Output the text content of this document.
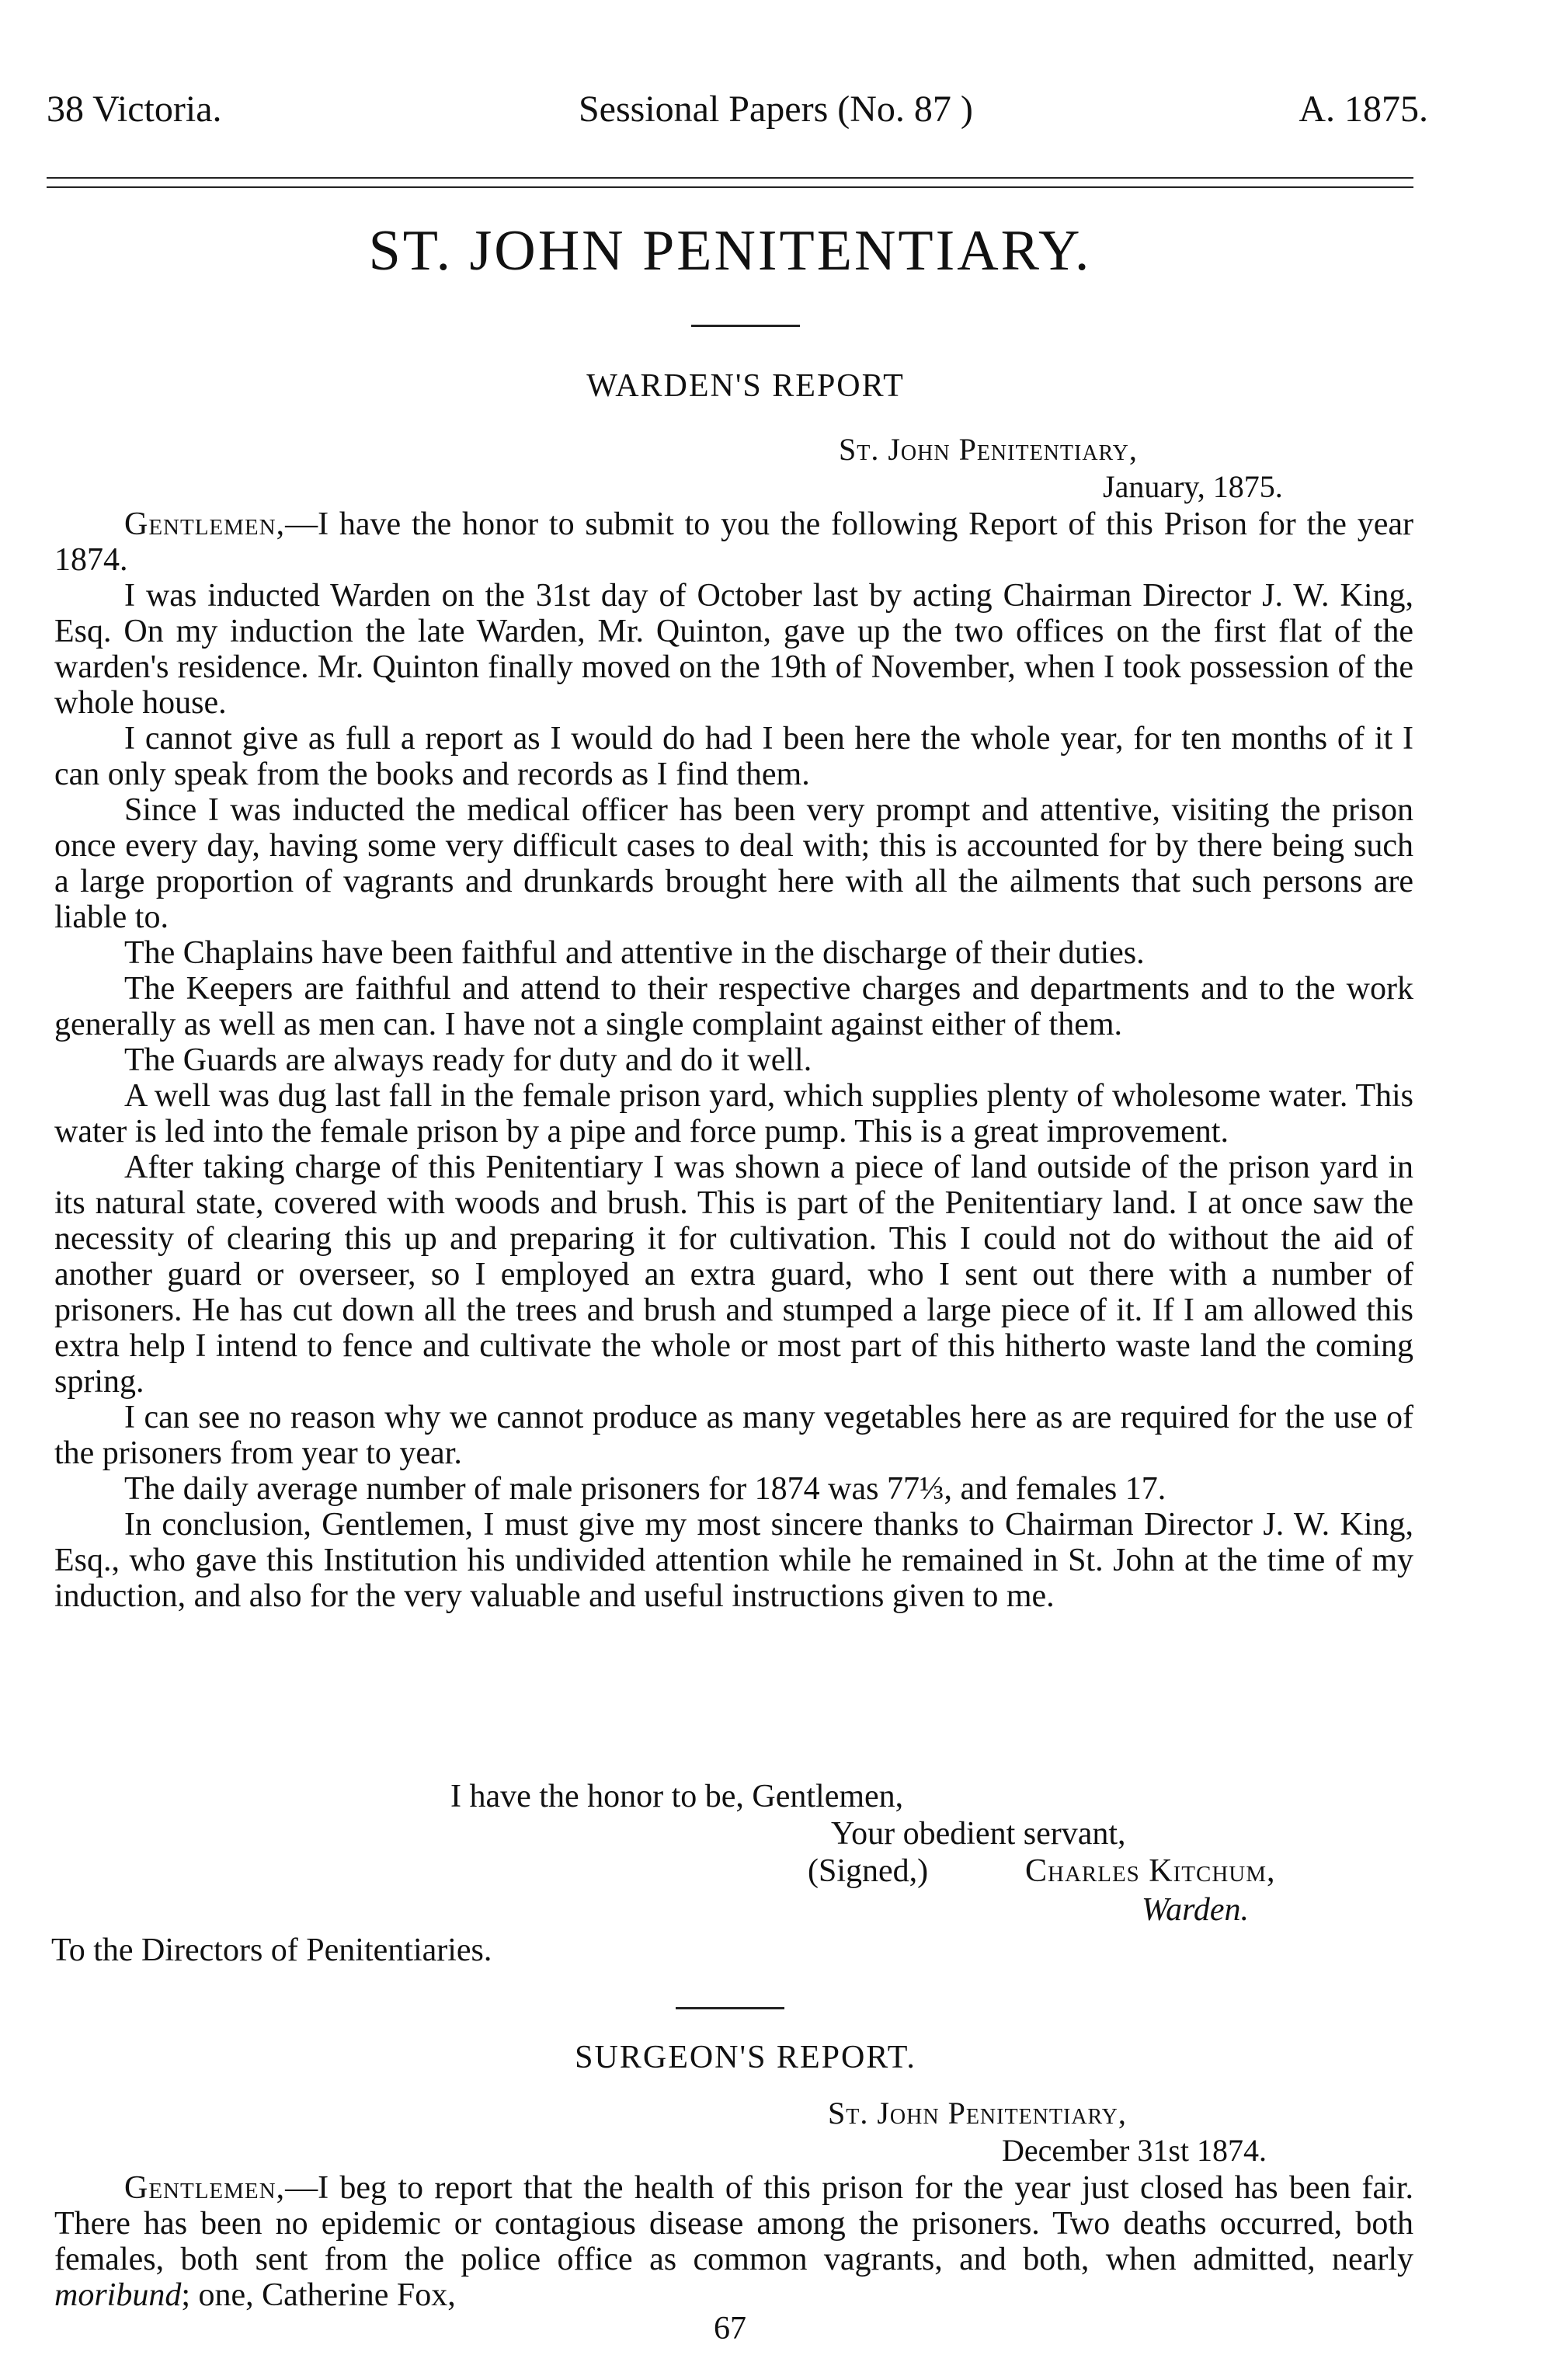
38 Victoria.	Sessional Papers (No. 87 )	A. 1875.
ST. JOHN PENITENTIARY.
WARDEN'S REPORT
St. John Penitentiary,
January, 1875.

Gentlemen,—I have the honor to submit to you the following Report of this Prison for the year 1874.

I was inducted Warden on the 31st day of October last by acting Chairman Director J. W. King, Esq. On my induction the late Warden, Mr. Quinton, gave up the two offices on the first flat of the warden's residence. Mr. Quinton finally moved on the 19th of November, when I took possession of the whole house.

I cannot give as full a report as I would do had I been here the whole year, for ten months of it I can only speak from the books and records as I find them.

Since I was inducted the medical officer has been very prompt and attentive, visiting the prison once every day, having some very difficult cases to deal with; this is accounted for by there being such a large proportion of vagrants and drunkards brought here with all the ailments that such persons are liable to.

The Chaplains have been faithful and attentive in the discharge of their duties.

The Keepers are faithful and attend to their respective charges and departments and to the work generally as well as men can. I have not a single complaint against either of them.

The Guards are always ready for duty and do it well.

A well was dug last fall in the female prison yard, which supplies plenty of wholesome water. This water is led into the female prison by a pipe and force pump. This is a great improvement.

After taking charge of this Penitentiary I was shown a piece of land outside of the prison yard in its natural state, covered with woods and brush. This is part of the Penitentiary land. I at once saw the necessity of clearing this up and preparing it for cultivation. This I could not do without the aid of another guard or overseer, so I employed an extra guard, who I sent out there with a number of prisoners. He has cut down all the trees and brush and stumped a large piece of it. If I am allowed this extra help I intend to fence and cultivate the whole or most part of this hitherto waste land the coming spring.

I can see no reason why we cannot produce as many vegetables here as are required for the use of the prisoners from year to year.

The daily average number of male prisoners for 1874 was 77⅓, and females 17.

In conclusion, Gentlemen, I must give my most sincere thanks to Chairman Director J. W. King, Esq., who gave this Institution his undivided attention while he remained in St. John at the time of my induction, and also for the very valuable and useful instructions given to me.

I have the honor to be, Gentlemen,
Your obedient servant,
(Signed,)	Charles Kitchum,
Warden.
To the Directors of Penitentiaries.
SURGEON'S REPORT.
St. John Penitentiary,
December 31st 1874.

Gentlemen,—I beg to report that the health of this prison for the year just closed has been fair. There has been no epidemic or contagious disease among the prisoners. Two deaths occurred, both females, both sent from the police office as common vagrants, and both, when admitted, nearly moribund; one, Catherine Fox,

67
